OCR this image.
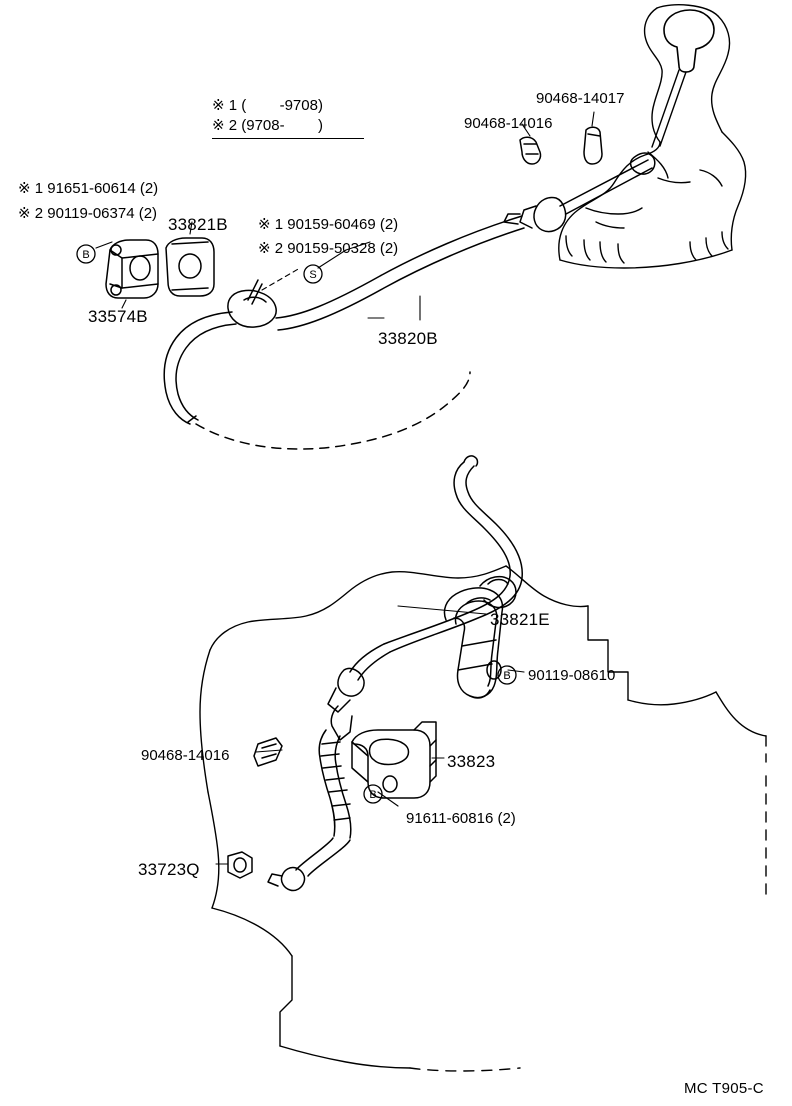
B
S
B
B
※ 1 (        -9708)
※ 2 (9708-        )
※ 1 91651-60614 (2)
※ 2 90119-06374 (2)
33821B ※ 1 90159-60469 (2)
※ 2 90159-50328 (2)
33574B
33820B
90468-14016
90468-14017
33821E
90119-08610
90468-14016	33823
91611-60816 (2)
33723Q
MC T905-C
